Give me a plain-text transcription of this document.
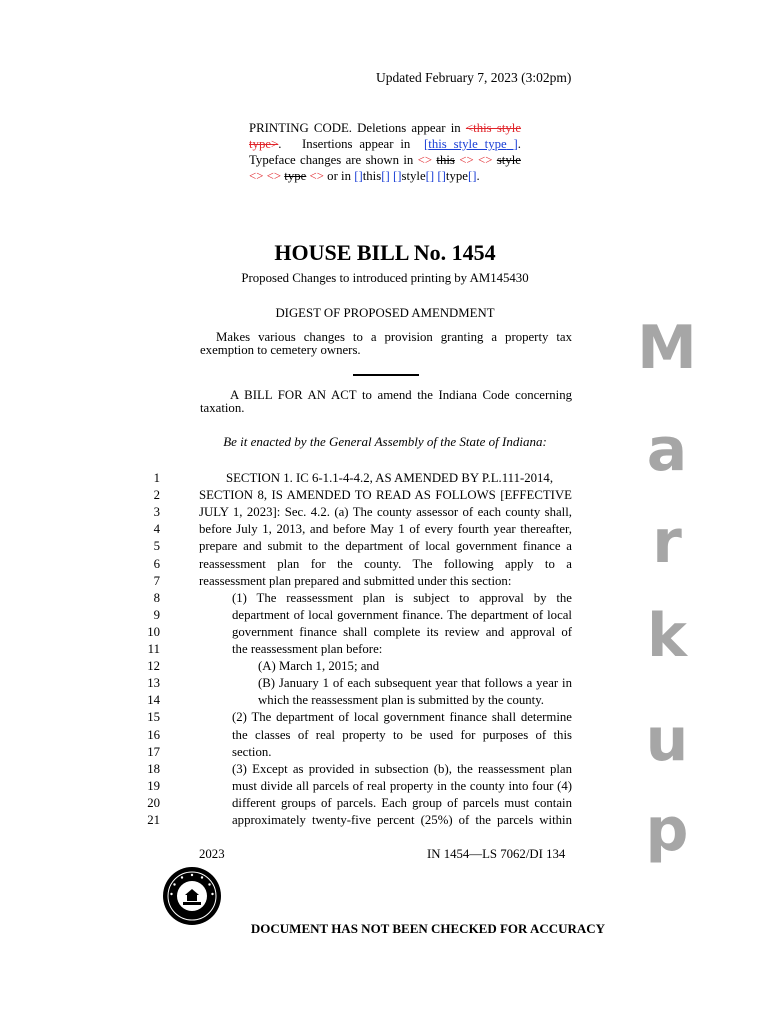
Updated February 7, 2023 (3:02pm)
PRINTING CODE. Deletions appear in <this style type>.   Insertions appear in  [this style type ]. Typeface changes are shown in <> this <> <> style <> <> type <> or in []this[] []style[] []type[].
HOUSE BILL No. 1454
Proposed Changes to introduced printing by AM145430
DIGEST OF PROPOSED AMENDMENT
Makes various changes to a provision granting a property tax exemption to cemetery owners.
A BILL FOR AN ACT to amend the Indiana Code concerning taxation.
Be it enacted by the General Assembly of the State of Indiana:
1	SECTION 1. IC 6-1.1-4-4.2, AS AMENDED BY P.L.111-2014,
2	SECTION 8, IS AMENDED TO READ AS FOLLOWS [EFFECTIVE
3	JULY 1, 2023]: Sec. 4.2. (a) The county assessor of each county shall,
4	before July 1, 2013, and before May 1 of every fourth year thereafter,
5	prepare and submit to the department of local government finance a
6	reassessment plan for the county. The following apply to a
7	reassessment plan prepared and submitted under this section:
8	(1) The reassessment plan is subject to approval by the
9	department of local government finance. The department of local
10	government finance shall complete its review and approval of
11	the reassessment plan before:
12	(A) March 1, 2015; and
13	(B) January 1 of each subsequent year that follows a year in
14	which the reassessment plan is submitted by the county.
15	(2) The department of local government finance shall determine
16	the classes of real property to be used for purposes of this
17	section.
18	(3) Except as provided in subsection (b), the reassessment plan
19	must divide all parcels of real property in the county into four (4)
20	different groups of parcels. Each group of parcels must contain
21	approximately twenty-five percent (25%) of the parcels within
2023	IN 1454—LS 7062/DI 134
DOCUMENT HAS NOT BEEN CHECKED FOR ACCURACY
M
a
r
k
u
p
